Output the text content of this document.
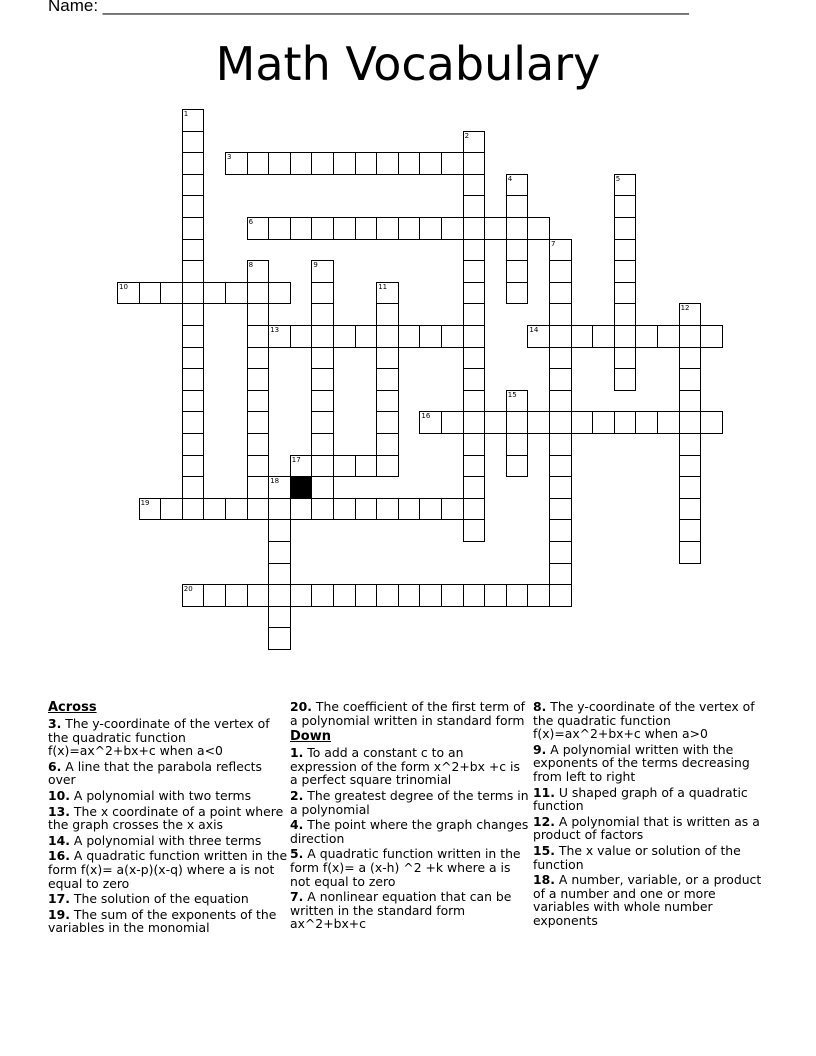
Name: ______________________________________________________________
Math Vocabulary
1
2
3
4	5
6
7
8	9
10	11
12
13	14
15
16
17
18
19
20
Across
3. The y-coordinate of the vertex of the quadratic function f(x)=ax^2+bx+c when a<0
6. A line that the parabola reflects over
10. A polynomial with two terms
13. The x coordinate of a point where the graph crosses the x axis
14. A polynomial with three terms
16. A quadratic function written in the form f(x)= a(x-p)(x-q) where a is not equal to zero
17. The solution of the equation
19. The sum of the exponents of the variables in the monomial
20. The coefficient of the first term of a polynomial written in standard form
Down
1. To add a constant c to an expression of the form x^2+bx +c is a perfect square trinomial
2. The greatest degree of the terms in a polynomial
4. The point where the graph changes direction
5. A quadratic function written in the form f(x)= a (x-h) ^2 +k where a is not equal to zero
7. A nonlinear equation that can be written in the standard form ax^2+bx+c
8. The y-coordinate of the vertex of the quadratic function f(x)=ax^2+bx+c when a>0
9. A polynomial written with the exponents of the terms decreasing from left to right
11. U shaped graph of a quadratic function
12. A polynomial that is written as a product of factors
15. The x value or solution of the function
18. A number, variable, or a product of a number and one or more variables with whole number exponents
